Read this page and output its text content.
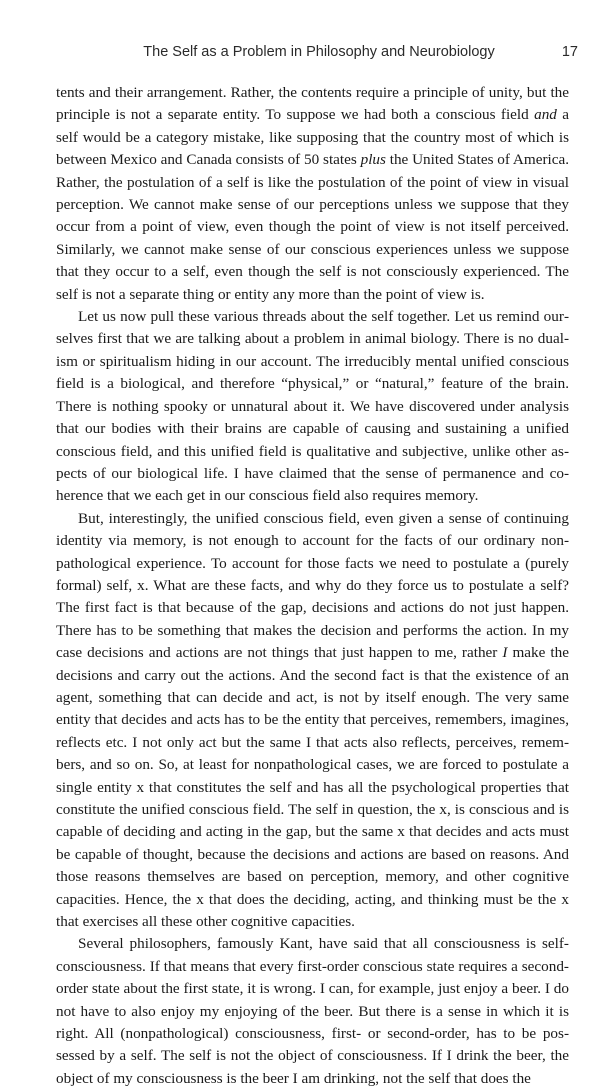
The Self as a Problem in Philosophy and Neurobiology	17

tents and their arrangement. Rather, the contents require a principle of unity, but the principle is not a separate entity. To suppose we had both a conscious field and a self would be a category mistake, like supposing that the country most of which is between Mexico and Canada consists of 50 states plus the United States of America. Rather, the postulation of a self is like the postulation of the point of view in visual perception. We cannot make sense of our perceptions unless we suppose that they occur from a point of view, even though the point of view is not itself perceived. Similarly, we cannot make sense of our conscious experiences unless we suppose that they occur to a self, even though the self is not consciously experienced. The self is not a separate thing or entity any more than the point of view is.

Let us now pull these various threads about the self together. Let us remind ourselves first that we are talking about a problem in animal biology. There is no dualism or spiritualism hiding in our account. The irreducibly mental unified conscious field is a biological, and therefore “physical,” or “natural,” feature of the brain. There is nothing spooky or unnatural about it. We have discovered under analysis that our bodies with their brains are capable of causing and sustaining a unified conscious field, and this unified field is qualitative and subjective, unlike other aspects of our biological life. I have claimed that the sense of permanence and coherence that we each get in our conscious field also requires memory.

But, interestingly, the unified conscious field, even given a sense of continuing identity via memory, is not enough to account for the facts of our ordinary nonpathological experience. To account for those facts we need to postulate a (purely formal) self, x. What are these facts, and why do they force us to postulate a self? The first fact is that because of the gap, decisions and actions do not just happen. There has to be something that makes the decision and performs the action. In my case decisions and actions are not things that just happen to me, rather I make the decisions and carry out the actions. And the second fact is that the existence of an agent, something that can decide and act, is not by itself enough. The very same entity that decides and acts has to be the entity that perceives, remembers, imagines, reflects etc. I not only act but the same I that acts also reflects, perceives, remembers, and so on. So, at least for nonpathological cases, we are forced to postulate a single entity x that constitutes the self and has all the psychological properties that constitute the unified conscious field. The self in question, the x, is conscious and is capable of deciding and acting in the gap, but the same x that decides and acts must be capable of thought, because the decisions and actions are based on reasons. And those reasons themselves are based on perception, memory, and other cognitive capacities. Hence, the x that does the deciding, acting, and thinking must be the x that exercises all these other cognitive capacities.

Several philosophers, famously Kant, have said that all consciousness is self-consciousness. If that means that every first-order conscious state requires a second-order state about the first state, it is wrong. I can, for example, just enjoy a beer. I do not have to also enjoy my enjoying of the beer. But there is a sense in which it is right. All (nonpathological) consciousness, first- or second-order, has to be possessed by a self. The self is not the object of consciousness. If I drink the beer, the object of my consciousness is the beer I am drinking, not the self that does the
